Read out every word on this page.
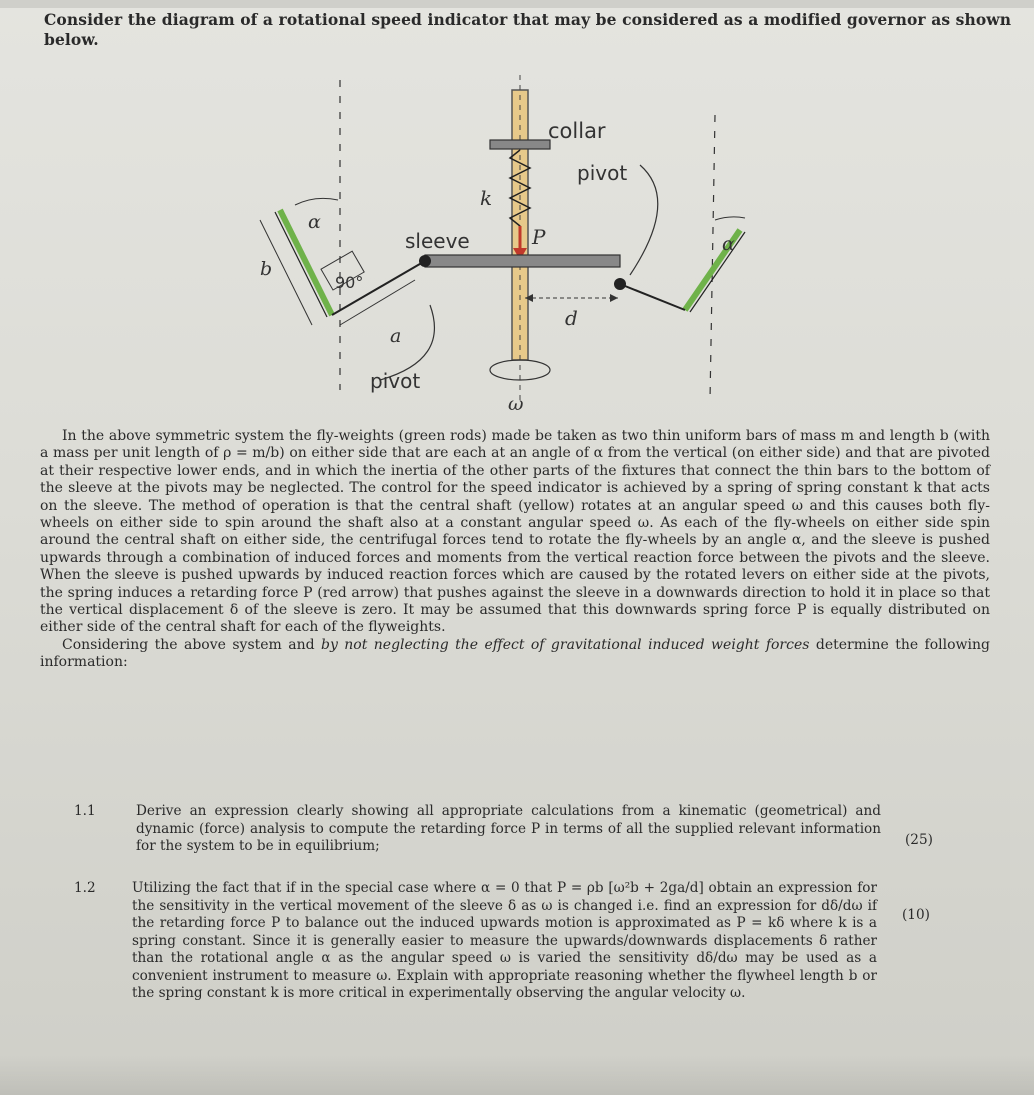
Consider the diagram of a rotational speed indicator that may be considered as a modified governor as shown below.
collar
pivot
k
sleeve	P
α
α
b
90°
a
d
pivot
ω

In the above symmetric system the fly-weights (green rods) made be taken as two thin uniform bars of mass m and length b (with a mass per unit length of ρ = m/b) on either side that are each at an angle of α from the vertical (on either side) and that are pivoted at their respective lower ends, and in which the inertia of the other parts of the fixtures that connect the thin bars to the bottom of the sleeve at the pivots may be neglected. The control for the speed indicator is achieved by a spring of spring constant k that acts on the sleeve. The method of operation is that the central shaft (yellow) rotates at an angular speed ω and this causes both fly-wheels on either side to spin around the shaft also at a constant angular speed ω. As each of the fly-wheels on either side spin around the central shaft on either side, the centrifugal forces tend to rotate the fly-wheels by an angle α, and the sleeve is pushed upwards through a combination of induced forces and moments from the vertical reaction force between the pivots and the sleeve. When the sleeve is pushed upwards by induced reaction forces which are caused by the rotated levers on either side at the pivots, the spring induces a retarding force P (red arrow) that pushes against the sleeve in a downwards direction to hold it in place so that the vertical displacement δ of the sleeve is zero. It may be assumed that this downwards spring force P is equally distributed on either side of the central shaft for each of the flyweights.

Considering the above system and by not neglecting the effect of gravitational induced weight forces determine the following information:

1.1	Derive an expression clearly showing all appropriate calculations from a kinematic (geometrical) and dynamic (force) analysis to compute the retarding force P in terms of all the supplied relevant information for the system to be in equilibrium;	(25)
1.2	Utilizing the fact that if in the special case where α = 0 that P = ρb [ω²b + 2ga/d] obtain an expression for the sensitivity in the vertical movement of the sleeve δ as ω is changed i.e. find an expression for dδ/dω if the retarding force P to balance out the induced upwards motion is approximated as P = kδ where k is a spring constant. Since it is generally easier to measure the upwards/downwards displacements δ rather than the rotational angle α as the angular speed ω is varied the sensitivity dδ/dω may be used as a convenient instrument to measure ω. Explain with appropriate reasoning whether the flywheel length b or the spring constant k is more critical in experimentally observing the angular velocity ω.
(10)
